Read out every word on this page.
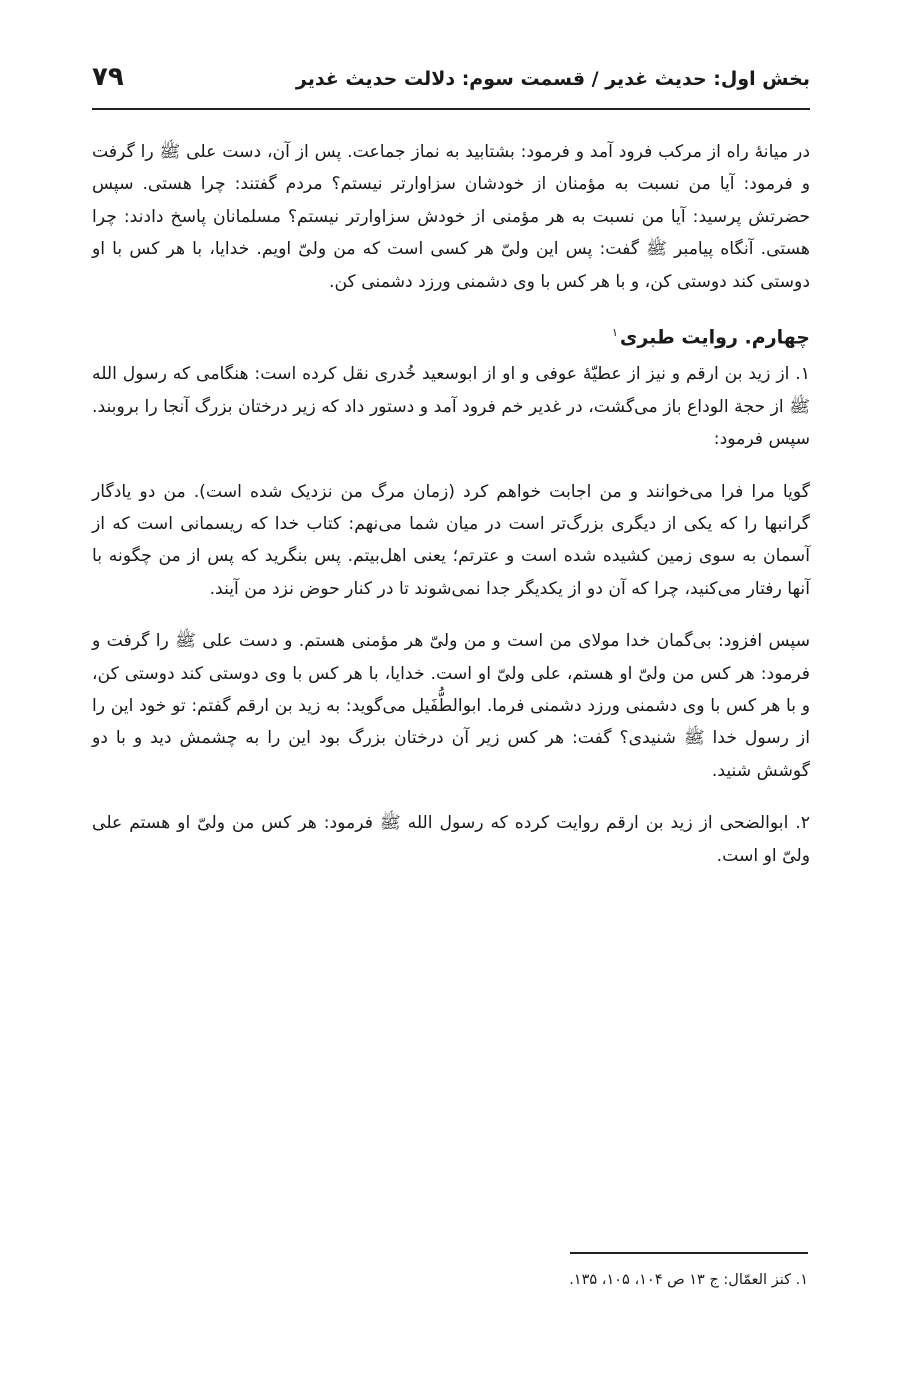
بخش اول: حدیث غدیر / قسمت سوم: دلالت حدیث غدیر
۷۹

در میانهٔ راه از مرکب فرود آمد و فرمود: بشتابید به نماز جماعت. پس از آن، دست علی ﷺ را گرفت و فرمود: آیا من نسبت به مؤمنان از خودشان سزاوارتر نیستم؟ مردم گفتند: چرا هستی. سپس حضرتش پرسید: آیا من نسبت به هر مؤمنی از خودش سزاوارتر نیستم؟ مسلمانان پاسخ دادند: چرا هستی. آنگاه پیامبر ﷺ گفت: پس این ولیّ هر کسی است که من ولیّ اویم. خدایا، با هر کس با او دوستی کند دوستی کن، و با هر کس با وی دشمنی ورزد دشمنی کن.

چهارم. روایت طبری$^۱$

۱. از زید بن ارقم و نیز از عطیّهٔ عوفی و او از ابوسعید خُدری نقل کرده است: هنگامی که رسول الله ﷺ از حجة الوداع باز می‌گشت، در غدیر خم فرود آمد و دستور داد که زیر درختان بزرگ آنجا را بروبند. سپس فرمود:

گویا مرا فرا می‌خوانند و من اجابت خواهم کرد (زمان مرگ من نزدیک شده است). من دو یادگار گرانبها را که یکی از دیگری بزرگ‌تر است در میان شما می‌نهم: کتاب خدا که ریسمانی است که از آسمان به سوی زمین کشیده شده است و عترتم؛ یعنی اهل‌بیتم. پس بنگرید که پس از من چگونه با آنها رفتار می‌کنید، چرا که آن دو از یکدیگر جدا نمی‌شوند تا در کنار حوض نزد من آیند.

سپس افزود: بی‌گمان خدا مولای من است و من ولیّ هر مؤمنی هستم. و دست علی ﷺ را گرفت و فرمود: هر کس من ولیّ او هستم، علی ولیّ او است. خدایا، با هر کس با وی دوستی کند دوستی کن، و با هر کس با وی دشمنی ورزد دشمنی فرما. ابوالطُّفَیل می‌گوید: به زید بن ارقم گفتم: تو خود این را از رسول خدا ﷺ شنیدی؟ گفت: هر کس زیر آن درختان بزرگ بود این را به چشمش دید و با دو گوشش شنید.

۲. ابوالضحی از زید بن ارقم روایت کرده که رسول الله ﷺ فرمود: هر کس من ولیّ او هستم علی ولیّ او است.

۱. کنز العمّال: ج ۱۳ ص ۱۰۴، ۱۰۵، ۱۳۵.
